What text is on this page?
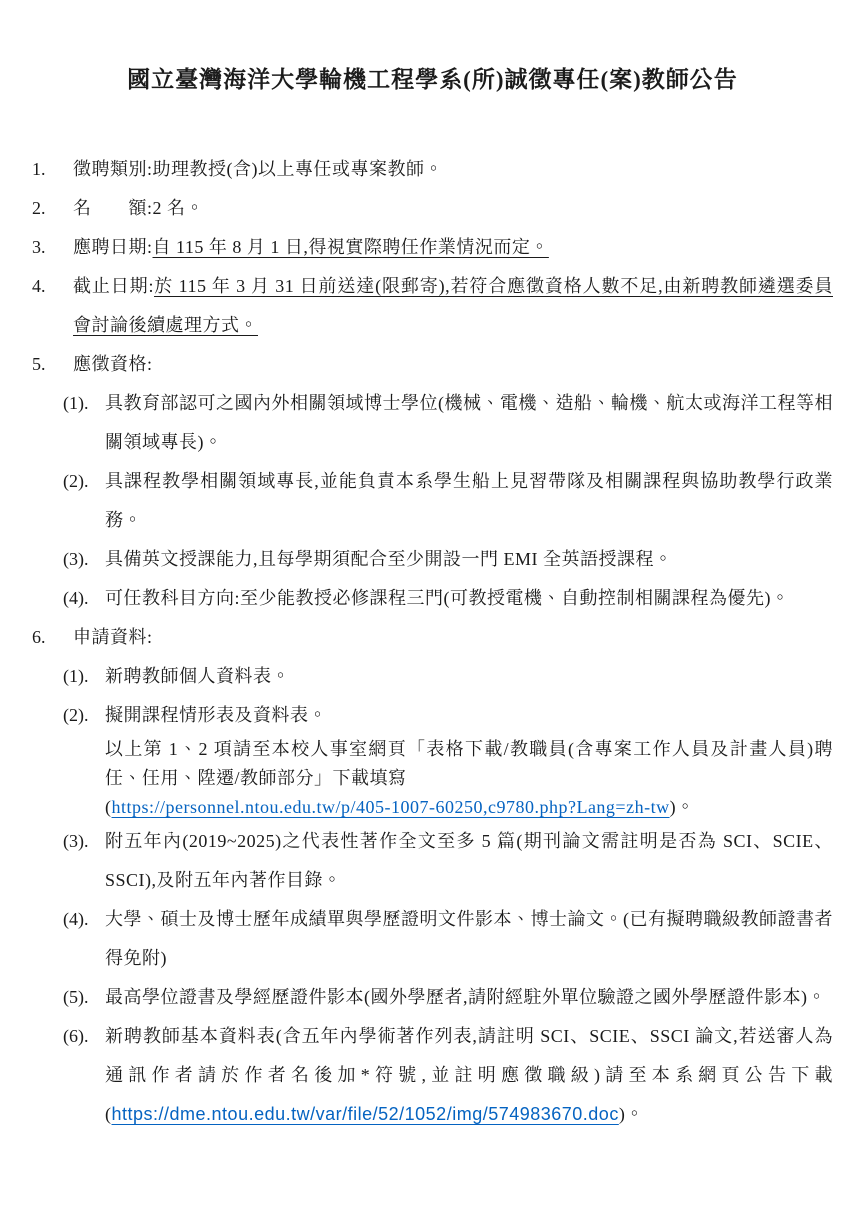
國立臺灣海洋大學輪機工程學系(所)誠徵專任(案)教師公告
1.	徵聘類別:助理教授(含)以上專任或專案教師。
2.	名　　額:2 名。
3.	應聘日期:自 115 年 8 月 1 日,得視實際聘任作業情況而定。
4.	截止日期:於 115 年 3 月 31 日前送達(限郵寄),若符合應徵資格人數不足,由新聘教師遴選委員會討論後續處理方式。
5.	應徵資格:
(1). 具教育部認可之國內外相關領域博士學位(機械、電機、造船、輪機、航太或海洋工程等相關領域專長)。
(2). 具課程教學相關領域專長,並能負責本系學生船上見習帶隊及相關課程與協助教學行政業務。
(3). 具備英文授課能力,且每學期須配合至少開設一門 EMI 全英語授課程。
(4). 可任教科目方向:至少能教授必修課程三門(可教授電機、自動控制相關課程為優先)。
6.	申請資料:
(1). 新聘教師個人資料表。
(2). 擬開課程情形表及資料表。
以上第 1、2 項請至本校人事室網頁「表格下載/教職員(含專案工作人員及計畫人員)聘任、任用、陞遷/教師部分」下載填寫
(https://personnel.ntou.edu.tw/p/405-1007-60250,c9780.php?Lang=zh-tw)。
(3). 附五年內(2019~2025)之代表性著作全文至多 5 篇(期刊論文需註明是否為 SCI、SCIE、SSCI),及附五年內著作目錄。
(4). 大學、碩士及博士歷年成績單與學歷證明文件影本、博士論文。(已有擬聘職級教師證書者得免附)
(5). 最高學位證書及學經歷證件影本(國外學歷者,請附經駐外單位驗證之國外學歷證件影本)。
(6). 新聘教師基本資料表(含五年內學術著作列表,請註明 SCI、SCIE、SSCI 論文,若送審人為通訊作者請於作者名後加*符號,並註明應徵職級)請至本系網頁公告下載(https://dme.ntou.edu.tw/var/file/52/1052/img/574983670.doc)。
